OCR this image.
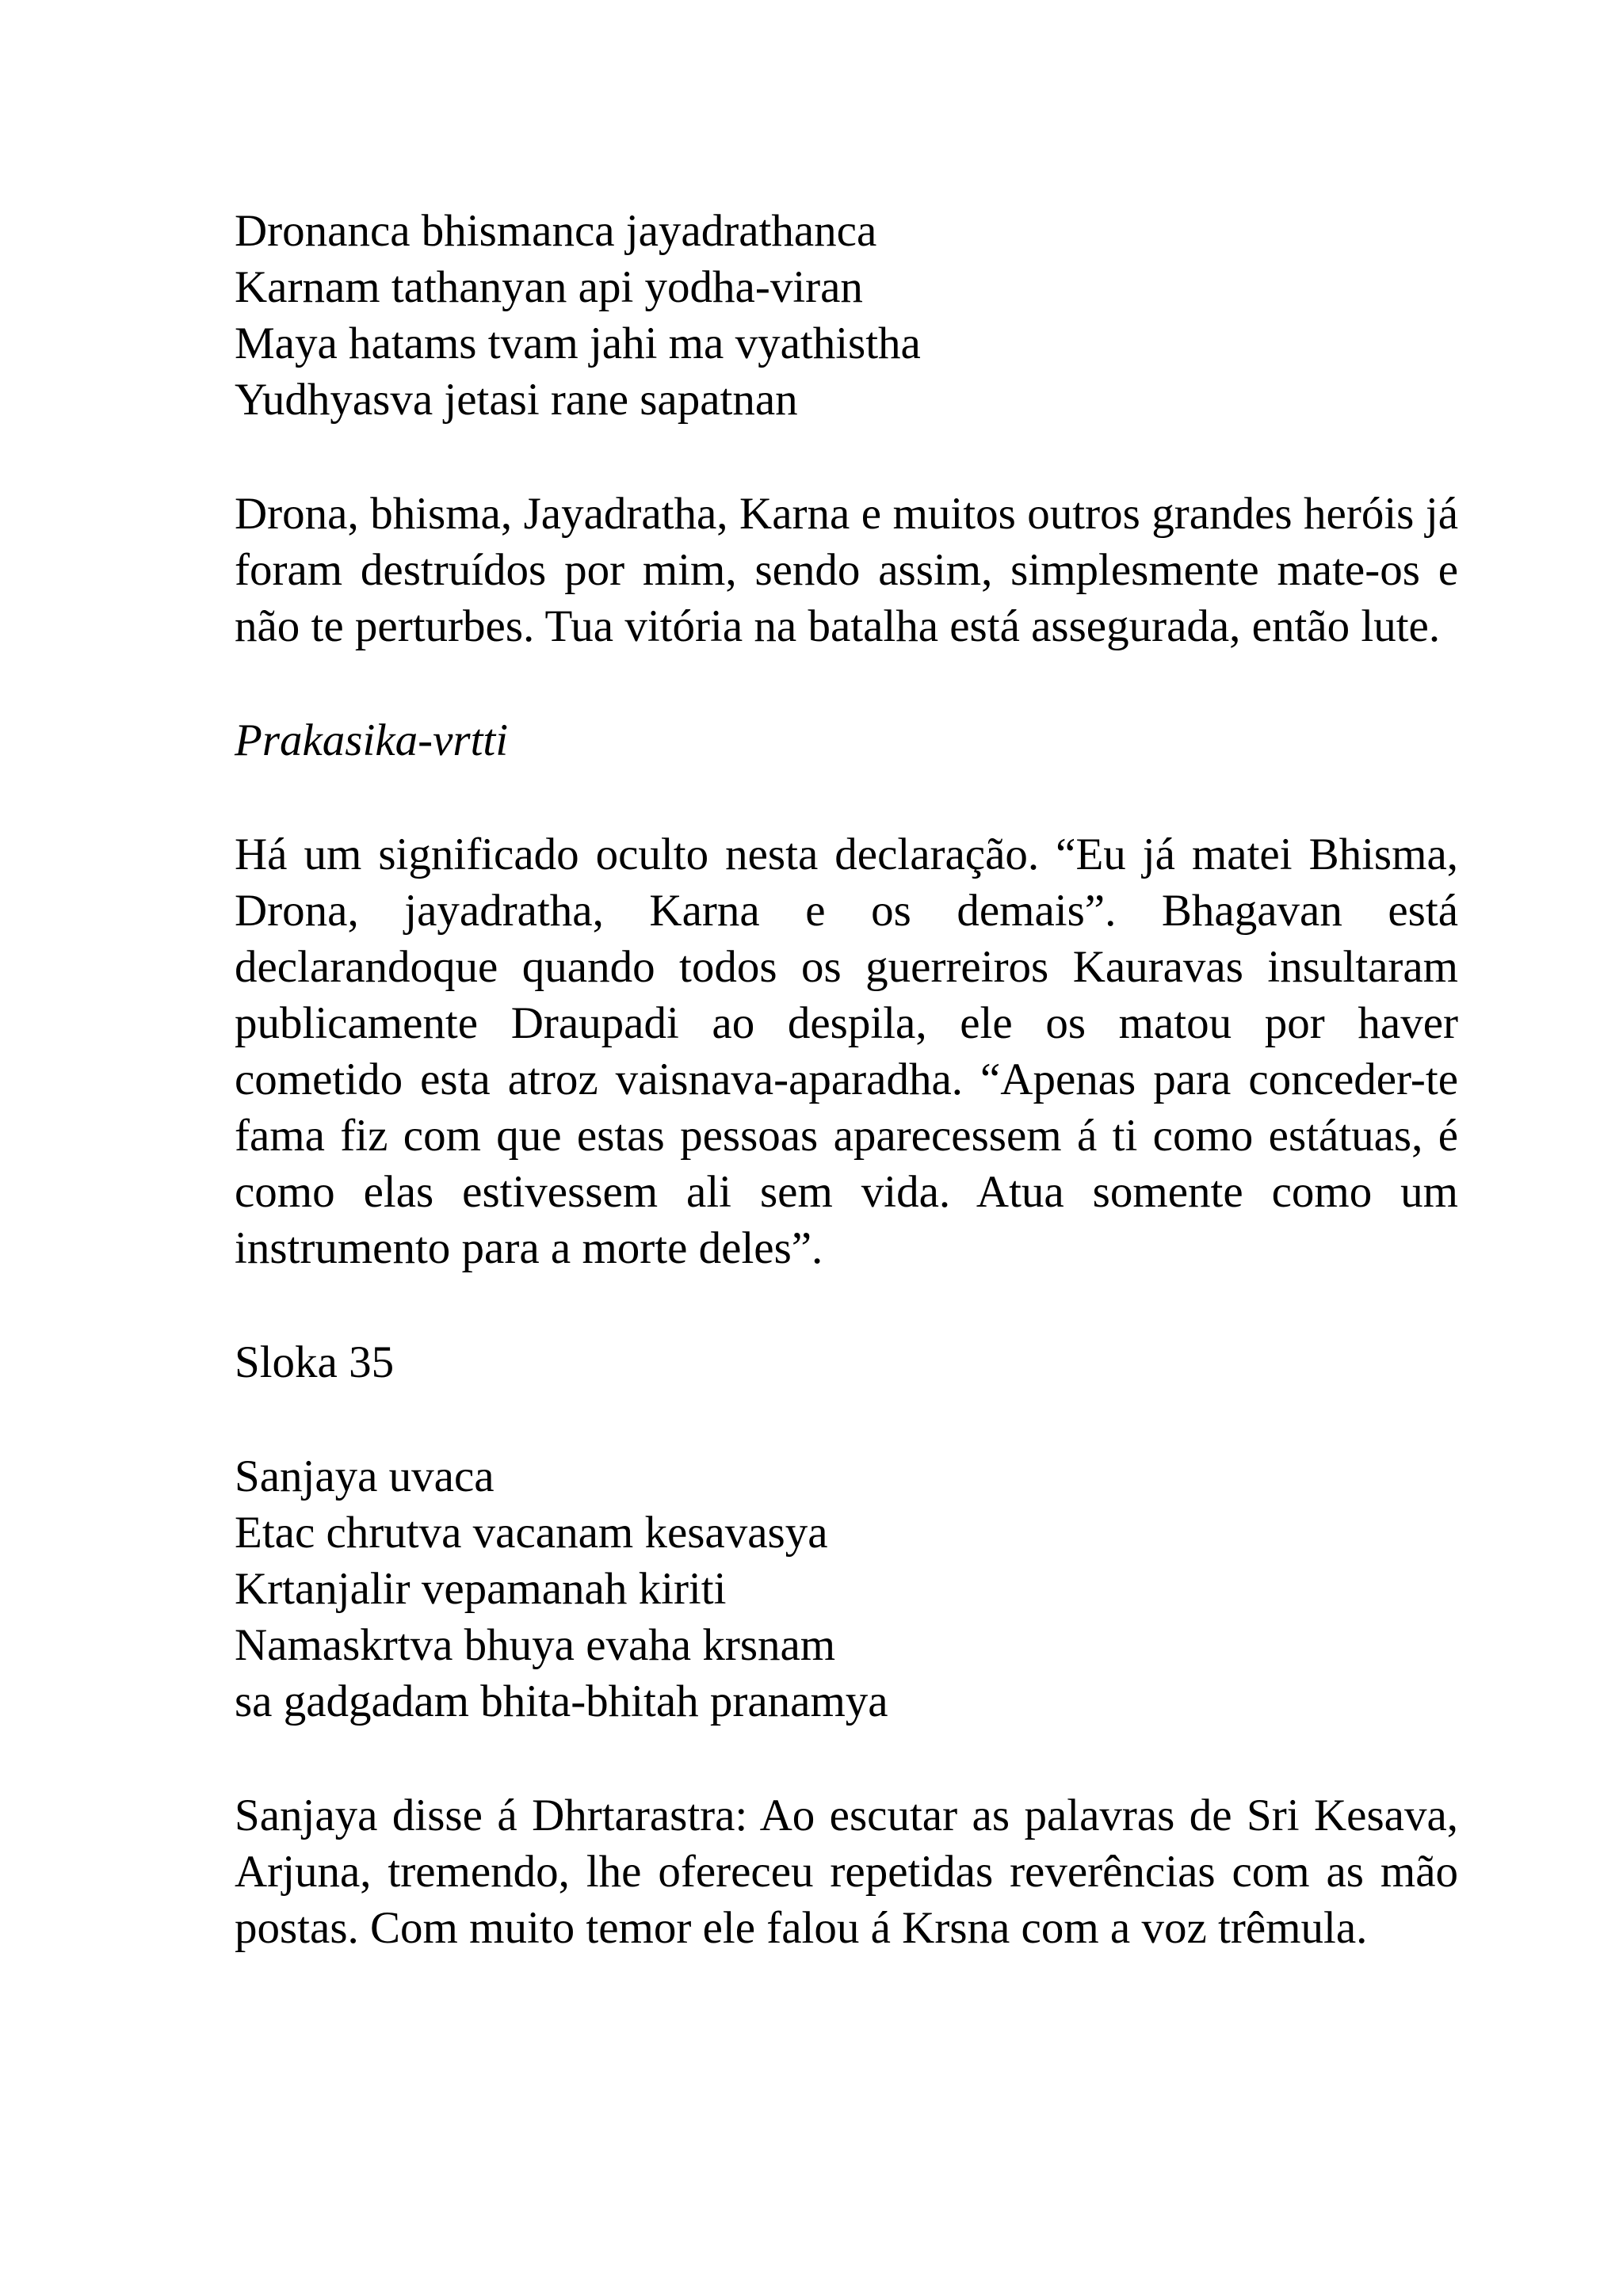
Dronanca bhismanca jayadrathanca
Karnam tathanyan api yodha-viran
Maya hatams tvam jahi ma vyathistha
Yudhyasva jetasi rane sapatnan

Drona, bhisma, Jayadratha, Karna e muitos outros grandes heróis já foram destruídos por mim, sendo assim, simplesmente mate-os e não te perturbes. Tua vitória na batalha está assegurada, então lute.

Prakasika-vrtti

Há um significado oculto nesta declaração. “Eu já matei Bhisma, Drona, jayadratha, Karna e os demais”. Bhagavan está declarandoque quando todos os guerreiros Kauravas insultaram publicamente Draupadi ao despila, ele os matou por haver cometido esta atroz vaisnava-aparadha. “Apenas para conceder-te fama fiz com que estas pessoas aparecessem á ti como estátuas, é como elas estivessem ali sem vida. Atua somente como um instrumento para a morte deles”.

Sloka 35

Sanjaya uvaca
Etac chrutva vacanam kesavasya
Krtanjalir vepamanah kiriti
Namaskrtva bhuya evaha krsnam
sa gadgadam bhita-bhitah pranamya

Sanjaya disse á Dhrtarastra: Ao escutar as palavras de Sri Kesava, Arjuna, tremendo, lhe ofereceu repetidas reverências com as mão postas. Com muito temor ele falou á Krsna com a voz trêmula.
